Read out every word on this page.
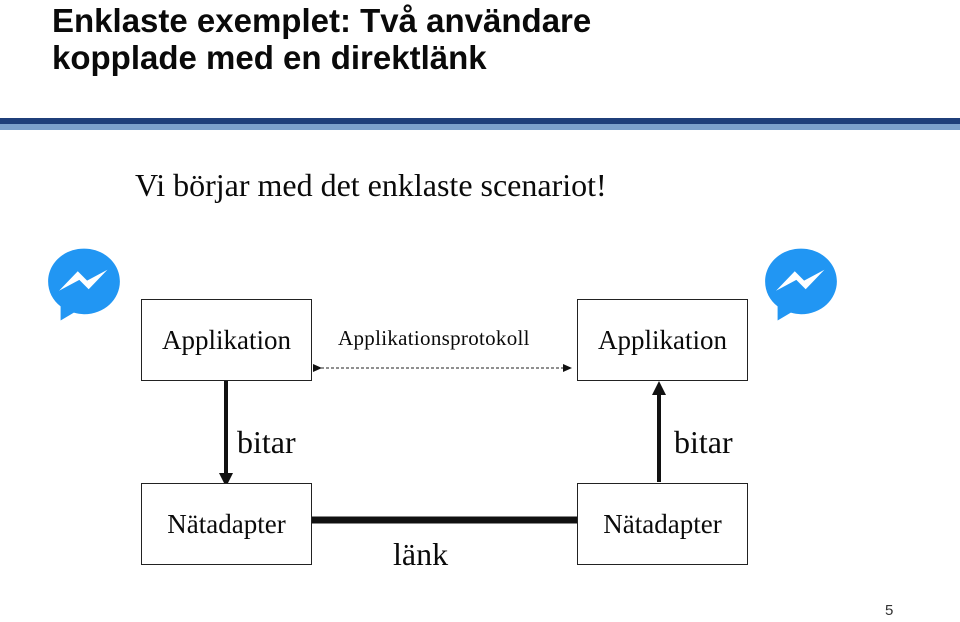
Enklaste exemplet: Två användare
kopplade med en direktlänk
Vi börjar med det enklaste scenariot!
Applikation	Applikation
Nätadapter	Nätadapter
Applikationsprotokoll
bitar	bitar
länk
5
